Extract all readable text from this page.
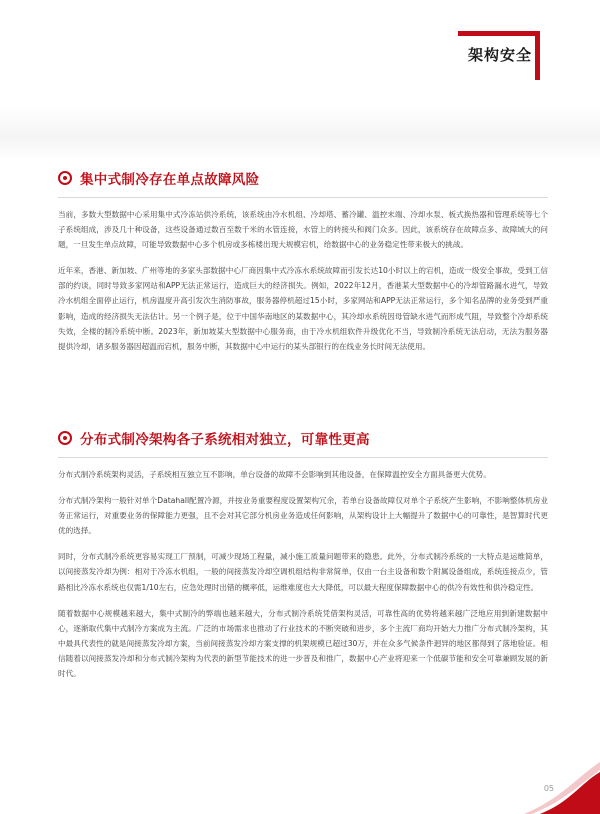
架构安全
集中式制冷存在单点故障风险

当前，多数大型数据中心采用集中式冷冻站供冷系统，该系统由冷水机组、冷却塔、蓄冷罐、温控末端、冷却水泵、板式换热器和管理系统等七个子系统组成，涉及几十种设备，这些设备通过数百至数千米的水管连接，水管上的转接头和阀门众多。因此，该系统存在故障点多、故障域大的问题，一旦发生单点故障，可能导致数据中心多个机房或多栋楼出现大规模宕机，给数据中心的业务稳定性带来极大的挑战。

近年来，香港、新加坡、广州等地的多家头部数据中心厂商因集中式冷冻水系统故障而引发长达10小时以上的宕机，造成一级安全事故，受到工信部的约谈，同时导致多家网站和APP无法正常运行，造成巨大的经济损失。例如，2022年12月，香港某大型数据中心的冷却管路漏水进气，导致冷水机组全面停止运行，机房温度升高引发次生消防事故，服务器停机超过15小时，多家网站和APP无法正常运行，多个知名品牌的业务受到严重影响，造成的经济损失无法估计。另一个例子是，位于中国华南地区的某数据中心，其冷却水系统因母管缺水进气而形成气阻，导致整个冷却系统失效，全楼的制冷系统中断。2023年，新加坡某大型数据中心服务商，由于冷水机组软件升级优化不当，导致制冷系统无法启动，无法为服务器提供冷却，诸多服务器因超温而宕机，服务中断，其数据中心中运行的某头部银行的在线业务长时间无法使用。

分布式制冷架构各子系统相对独立，可靠性更高

分布式制冷系统架构灵活，子系统相互独立互不影响，单台设备的故障不会影响到其他设备，在保障温控安全方面具备更大优势。

分布式制冷架构一般针对单个Datahall配置冷源，并按业务重要程度设置架构冗余，若单台设备故障仅对单个子系统产生影响，不影响整体机房业务正常运行，对重要业务的保障能力更强，且不会对其它部分机房业务造成任何影响，从架构设计上大幅提升了数据中心的可靠性，是智算时代更优的选择。

同时，分布式制冷系统更容易实现工厂预制，可减少现场工程量，减小施工质量问题带来的隐患。此外，分布式制冷系统的一大特点是运维简单，以间接蒸发冷却为例：相对于冷冻水机组，一般的间接蒸发冷却空调机组结构非常简单，仅由一台主设备和数个附属设备组成，系统连接点少，管路相比冷冻水系统也仅需1/10左右，应急处理时出错的概率低，运维难度也大大降低，可以最大程度保障数据中心的供冷有效性和供冷稳定性。

随着数据中心规模越来越大，集中式制冷的弊端也越来越大，分布式制冷系统凭借架构灵活，可靠性高的优势将越来越广泛地应用到新建数据中心，逐渐取代集中式制冷方案成为主流。广泛的市场需求也推动了行业技术的不断突破和进步，多个主流厂商均开始大力推广分布式制冷架构，其中最具代表性的就是间接蒸发冷却方案，当前间接蒸发冷却方案支撑的机架规模已超过30万，并在众多气候条件迥异的地区都得到了落地验证。相信随着以间接蒸发冷却和分布式制冷架构为代表的新型节能技术的进一步普及和推广，数据中心产业将迎来一个低碳节能和安全可靠兼顾发展的新时代。

05
